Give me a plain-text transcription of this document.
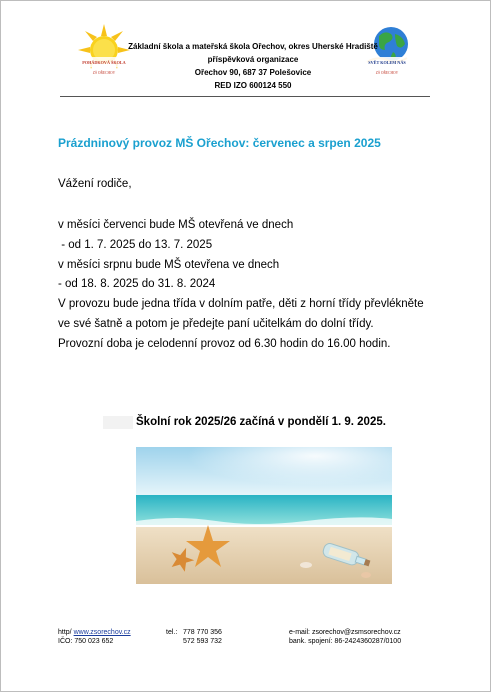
POHÁDKOVÁ ŠKOLA
ZŠ OŘECHOV
SVĚT KOLEM NÁS
ZŠ OŘECHOV
Základní škola a mateřská škola Ořechov, okres Uherské Hradiště
příspěvková organizace
Ořechov 90, 687 37 Polešovice
RED IZO 600124 550
Prázdninový provoz MŠ Ořechov: červenec a srpen 2025
Vážení rodiče,
v měsíci červenci bude MŠ otevřená ve dnech
- od 1. 7. 2025 do 13. 7. 2025
v měsíci srpnu bude MŠ otevřena ve dnech
- od 18. 8. 2025 do 31. 8. 2024
V provozu bude jedna třída v dolním patře, děti z horní třídy převlékněte
ve své šatně a potom je předejte paní učitelkám do dolní třídy.
Provozní doba je celodenní provoz od 6.30 hodin do 16.00 hodin.
Školní rok 2025/26 začíná v pondělí 1. 9. 2025.
http/ www.zsorechov.cz
IČO: 750 023 652
tel.: 778 770 356
572 593 732
e-mail: zsorechov@zsmsorechov.cz
bank. spojení: 86-2424360287/0100
